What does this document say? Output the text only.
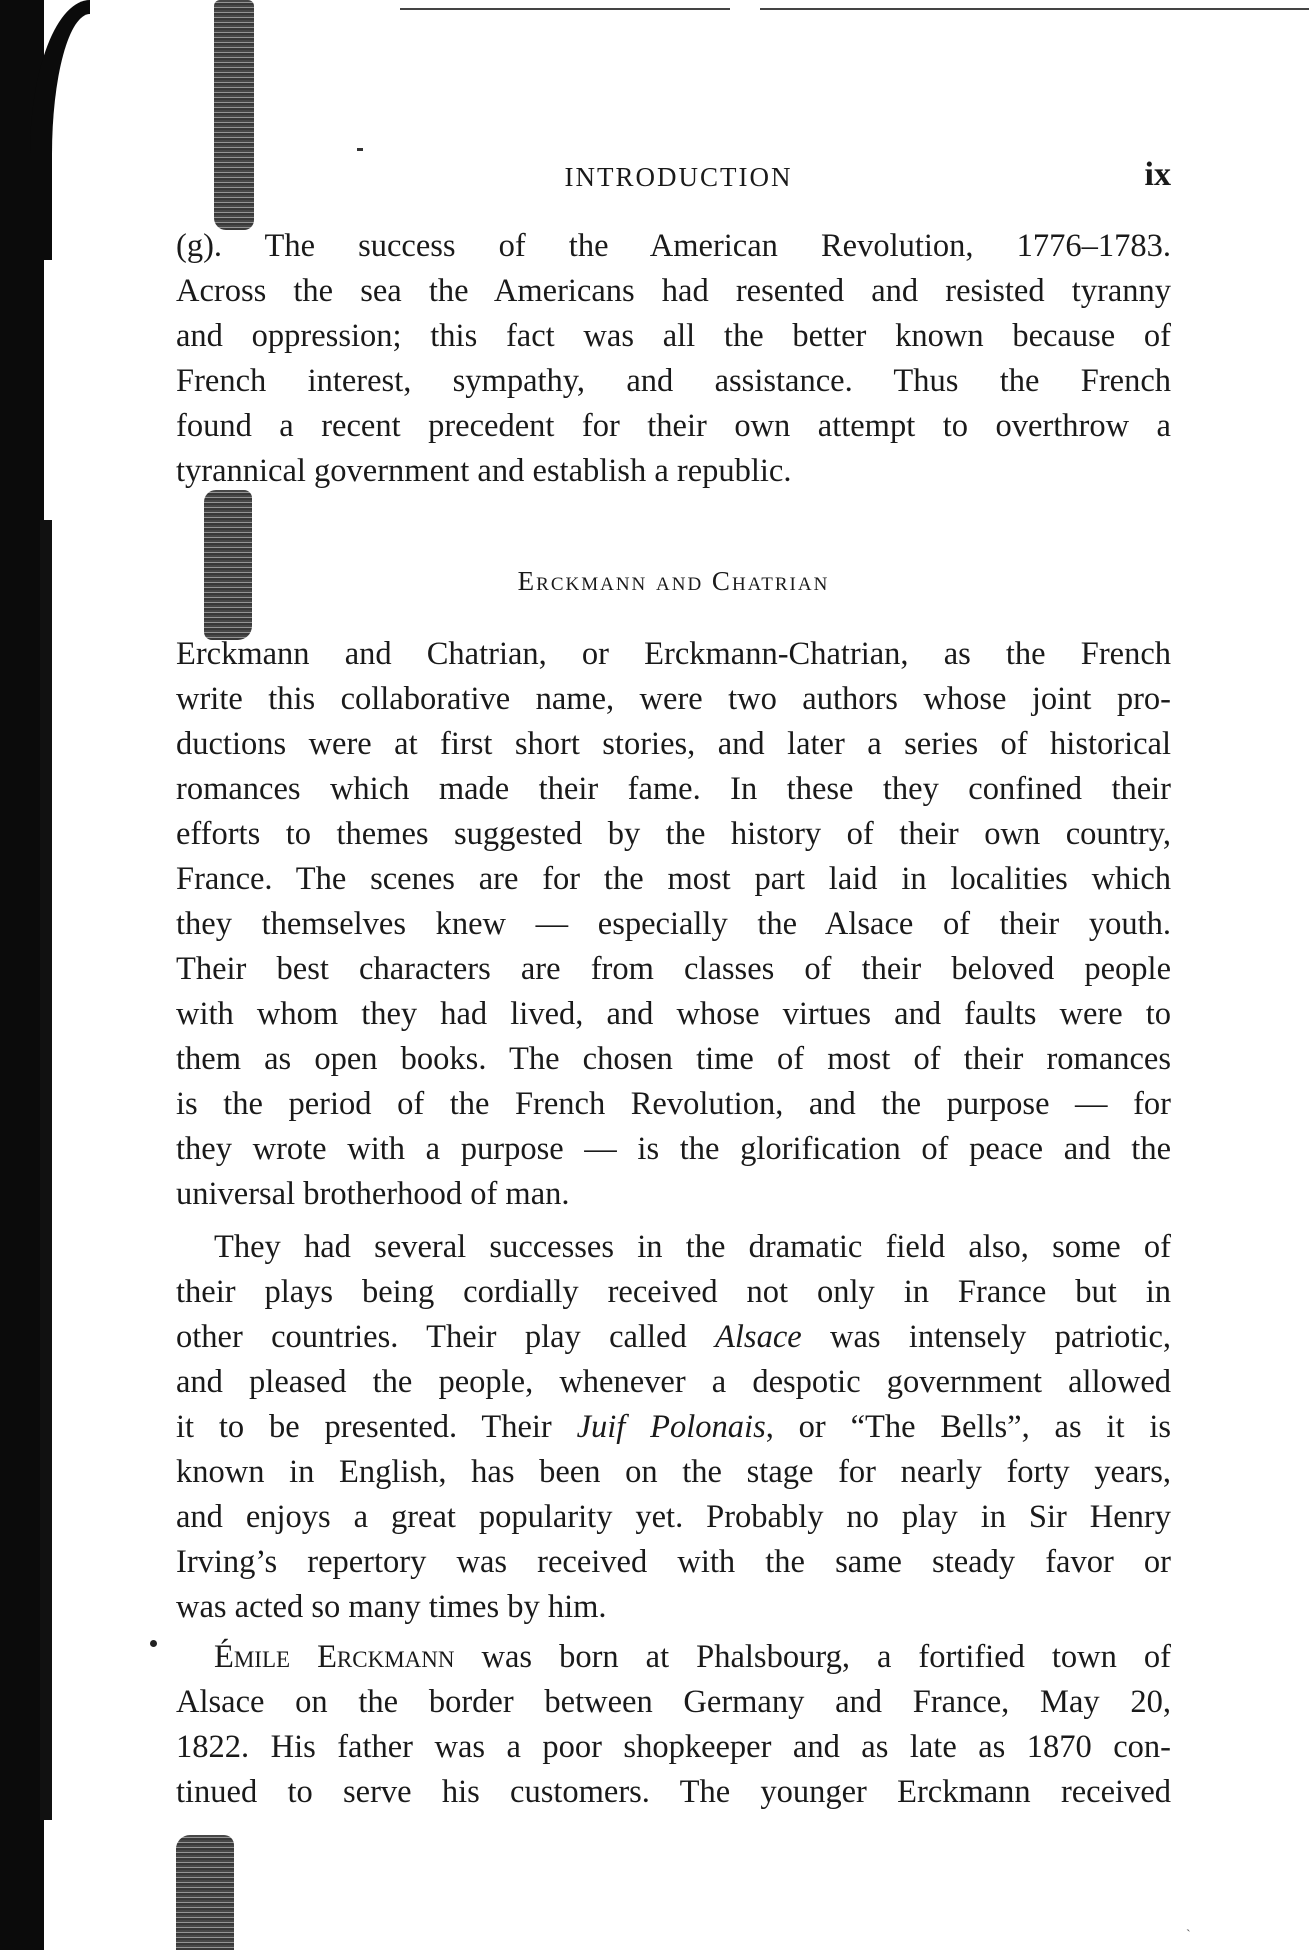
INTRODUCTION	ix
(g). The success of the American Revolution, 1776–1783.
Across the sea the Americans had resented and resisted tyranny
and oppression; this fact was all the better known because of
French interest, sympathy, and assistance. Thus the French
found a recent precedent for their own attempt to overthrow a
tyrannical government and establish a republic.
Erckmann and Chatrian
Erckmann and Chatrian, or Erckmann-Chatrian, as the French
write this collaborative name, were two authors whose joint pro-
ductions were at first short stories, and later a series of historical
romances which made their fame. In these they confined their
efforts to themes suggested by the history of their own country,
France. The scenes are for the most part laid in localities which
they themselves knew — especially the Alsace of their youth.
Their best characters are from classes of their beloved people
with whom they had lived, and whose virtues and faults were to
them as open books. The chosen time of most of their romances
is the period of the French Revolution, and the purpose — for
they wrote with a purpose — is the glorification of peace and the
universal brotherhood of man.
They had several successes in the dramatic field also, some of
their plays being cordially received not only in France but in
other countries. Their play called Alsace was intensely patriotic,
and pleased the people, whenever a despotic government allowed
it to be presented. Their Juif Polonais, or “The Bells”, as it is
known in English, has been on the stage for nearly forty years,
and enjoys a great popularity yet. Probably no play in Sir Henry
Irving’s repertory was received with the same steady favor or
was acted so many times by him.
Émile Erckmann was born at Phalsbourg, a fortified town of
Alsace on the border between Germany and France, May 20,
1822. His father was a poor shopkeeper and as late as 1870 con-
tinued to serve his customers. The younger Erckmann received
`
